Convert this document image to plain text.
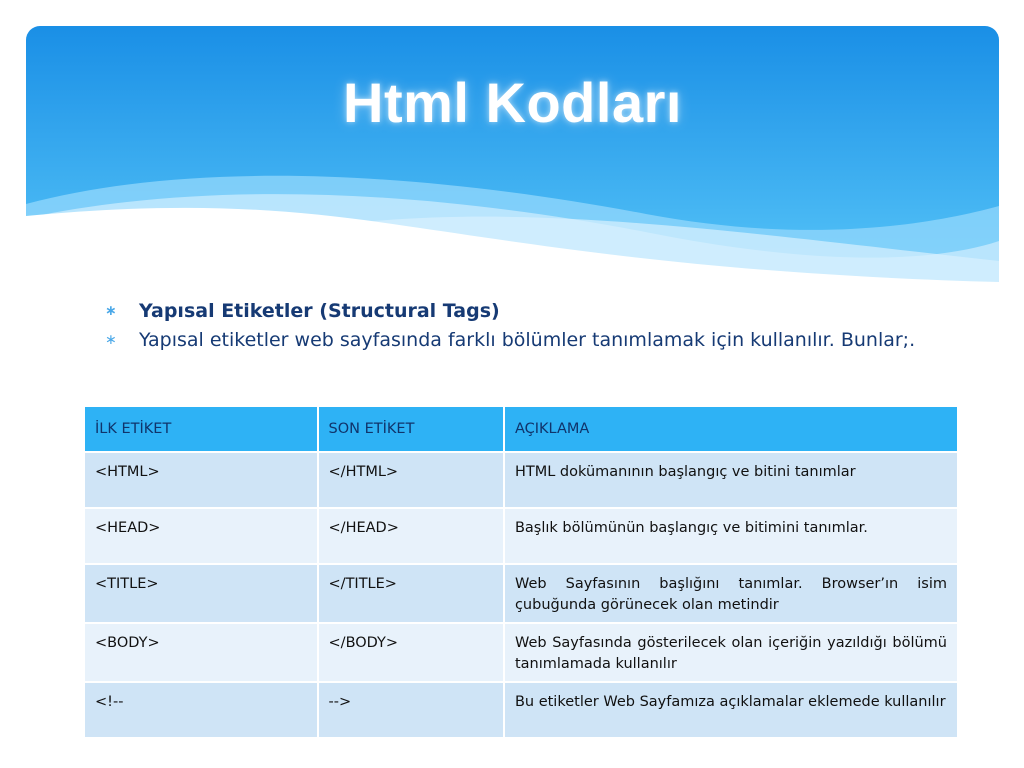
Html Kodları
∗ Yapısal Etiketler (Structural Tags)
∗ Yapısal etiketler web sayfasında farklı bölümler tanımlamak için kullanılır. Bunlar;.
İLK ETİKET	SON ETİKET	AÇIKLAMA
<HTML>	</HTML>	HTML dokümanının başlangıç ve bitini tanımlar
<HEAD>	</HEAD>	Başlık bölümünün başlangıç ve bitimini tanımlar.
<TITLE>	</TITLE>	Web Sayfasının başlığını tanımlar. Browser’ın isim çubuğunda görünecek olan metindir
<BODY>	</BODY>	Web Sayfasında gösterilecek olan içeriğin yazıldığı bölümü tanımlamada kullanılır
<!--	-->	Bu etiketler Web Sayfamıza açıklamalar eklemede kullanılır
